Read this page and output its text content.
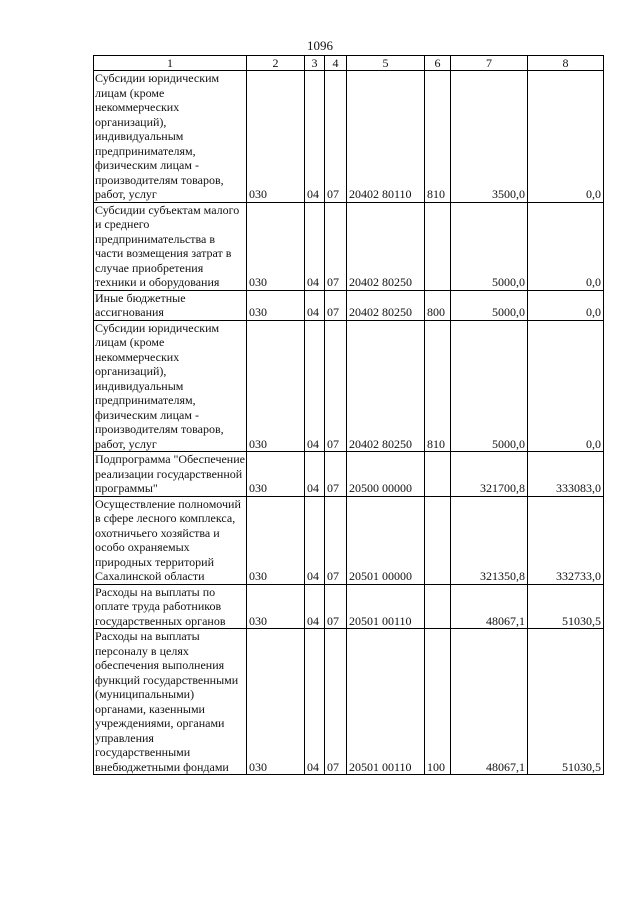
1096
1	2	3	4	5	6	7	8
Субсидии юридическим лицам (кроме некоммерческих организаций), индивидуальным предпринимателям, физическим лицам - производителям товаров, работ, услуг	030	04	07	20402 80110	810	3500,0	0,0
Субсидии субъектам малого и среднего предпринимательства в части возмещения затрат в случае приобретения техники и оборудования	030	04	07	20402 80250		5000,0	0,0
Иные бюджетные ассигнования	030	04	07	20402 80250	800	5000,0	0,0
Субсидии юридическим лицам (кроме некоммерческих организаций), индивидуальным предпринимателям, физическим лицам - производителям товаров, работ, услуг	030	04	07	20402 80250	810	5000,0	0,0
Подпрограмма "Обеспечение реализации государственной программы"	030	04	07	20500 00000		321700,8	333083,0
Осуществление полномочий в сфере лесного комплекса, охотничьего хозяйства и особо охраняемых природных территорий Сахалинской области	030	04	07	20501 00000		321350,8	332733,0
Расходы на выплаты по оплате труда работников государственных органов	030	04	07	20501 00110		48067,1	51030,5
Расходы на выплаты персоналу в целях обеспечения выполнения функций государственными (муниципальными) органами, казенными учреждениями, органами управления государственными внебюджетными фондами	030	04	07	20501 00110	100	48067,1	51030,5
